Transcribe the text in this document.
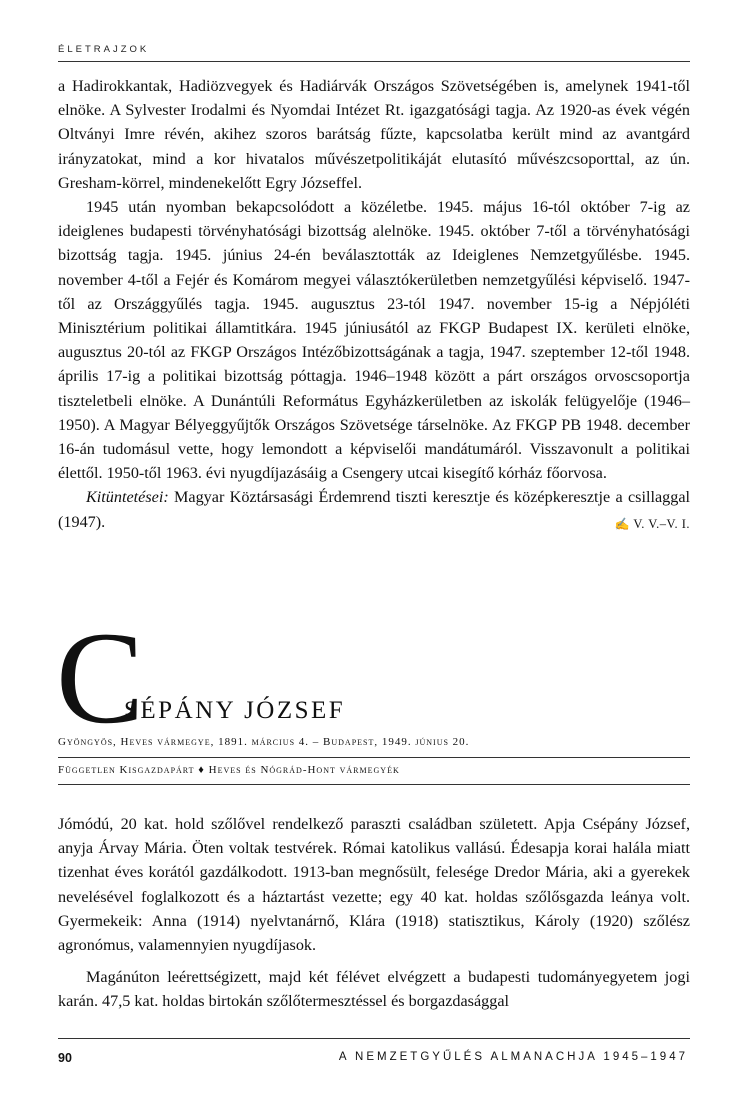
ÉLETRAJZOK

a Hadirokkantak, Hadiözvegyek és Hadiárvák Országos Szövetségében is, amelynek 1941-től elnöke. A Sylvester Irodalmi és Nyomdai Intézet Rt. igazgatósági tagja. Az 1920-as évek végén Oltványi Imre révén, akihez szoros barátság fűzte, kapcsolatba került mind az avantgárd irányzatokat, mind a kor hivatalos művészetpolitikáját elutasító művészcsoporttal, az ún. Gresham-körrel, mindenekelőtt Egry Józseffel.

1945 után nyomban bekapcsolódott a közéletbe. 1945. május 16-tól október 7-ig az ideiglenes budapesti törvényhatósági bizottság alelnöke. 1945. október 7-től a törvényhatósági bizottság tagja. 1945. június 24-én beválasztották az Ideiglenes Nemzetgyűlésbe. 1945. november 4-től a Fejér és Komárom megyei választókerületben nemzetgyűlési képviselő. 1947-től az Országgyűlés tagja. 1945. augusztus 23-tól 1947. november 15-ig a Népjóléti Minisztérium politikai államtitkára. 1945 júniusától az FKGP Budapest IX. kerületi elnöke, augusztus 20-tól az FKGP Országos Intézőbizottságának a tagja, 1947. szeptember 12-től 1948. április 17-ig a politikai bizottság póttagja. 1946–1948 között a párt országos orvoscsoportja tiszteletbeli elnöke. A Dunántúli Református Egyházkerületben az iskolák felügyelője (1946–1950). A Magyar Bélyeggyűjtők Országos Szövetsége társelnöke. Az FKGP PB 1948. december 16-án tudomásul vette, hogy lemondott a képviselői mandátumáról. Visszavonult a politikai élettől. 1950-től 1963. évi nyugdíjazásáig a Csengery utcai kisegítő kórház főorvosa.

Kitüntetései: Magyar Köztársasági Érdemrend tiszti keresztje és középkeresztje a csillaggal (1947).	✍ V. V.–V. I.

C
SÉPÁNY JÓZSEF
Gyöngyös, Heves vármegye, 1891. március 4. – Budapest, 1949. június 20.
Független Kisgazdapárt ♦ Heves és Nógrád-Hont vármegyék

Jómódú, 20 kat. hold szőlővel rendelkező paraszti családban született. Apja Csépány József, anyja Árvay Mária. Öten voltak testvérek. Római katolikus vallású. Édesapja korai halála miatt tizenhat éves korától gazdálkodott. 1913-ban megnősült, felesége Dredor Mária, aki a gyerekek nevelésével foglalkozott és a háztartást vezette; egy 40 kat. holdas szőlősgazda leánya volt. Gyermekeik: Anna (1914) nyelvtanárnő, Klára (1918) statisztikus, Károly (1920) szőlész agronómus, valamennyien nyugdíjasok.

Magánúton leérettségizett, majd két félévet elvégzett a budapesti tudományegyetem jogi karán. 47,5 kat. holdas birtokán szőlőtermesztéssel és borgazdasággal

90	A NEMZETGYŰLÉS ALMANACHJA 1945–1947
